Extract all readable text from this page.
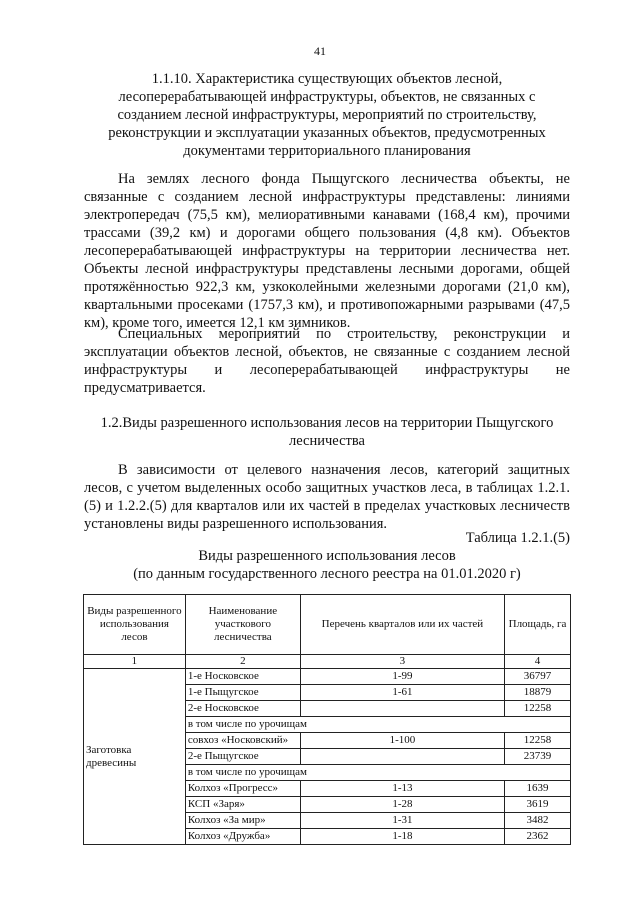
41
1.1.10. Характеристика существующих объектов лесной, лесоперерабатывающей инфраструктуры, объектов, не связанных с созданием лесной инфраструктуры, мероприятий по строительству, реконструкции и эксплуатации указанных объектов, предусмотренных документами территориального планирования

На землях лесного фонда Пыщугского лесничества объекты, не связанные с созданием лесной инфраструктуры представлены: линиями электропередач (75,5 км), мелиоративными канавами (168,4 км), прочими трассами (39,2 км) и дорогами общего пользования (4,8 км). Объектов лесоперерабатывающей инфраструктуры на территории лесничества нет. Объекты лесной инфраструктуры представлены лесными дорогами, общей протяжённостью 922,3 км, узкоколейными железными дорогами (21,0 км), квартальными просеками (1757,3 км), и противопожарными разрывами (47,5 км), кроме того, имеется 12,1 км зимников.

Специальных мероприятий по строительству, реконструкции и эксплуатации объектов лесной, объектов, не связанные с созданием лесной инфраструктуры и лесоперерабатывающей инфраструктуры не предусматривается.

1.2.Виды разрешенного использования лесов на территории Пыщугского лесничества

В зависимости от целевого назначения лесов, категорий защитных лесов, с учетом выделенных особо защитных участков леса, в таблицах 1.2.1.(5) и 1.2.2.(5) для кварталов или их частей в пределах участковых лесничеств установлены виды разрешенного использования.

Таблица 1.2.1.(5)
Виды разрешенного использования лесов
(по данным государственного лесного реестра на 01.01.2020 г)
Виды разрешенного использования лесов	Наименование участкового лесничества	Перечень кварталов или их частей	Площадь, га
1	2	3	4
Заготовка древесины	1-е Носковское	1-99	36797
	1-е Пыщугское	1-61	18879
	2-е Носковское		12258
	в том числе по урочищам		
	совхоз «Носковский»	1-100	12258
	2-е Пыщугское		23739
	в том числе по урочищам		
	Колхоз «Прогресс»	1-13	1639
	КСП «Заря»	1-28	3619
	Колхоз «За мир»	1-31	3482
	Колхоз «Дружба»	1-18	2362
